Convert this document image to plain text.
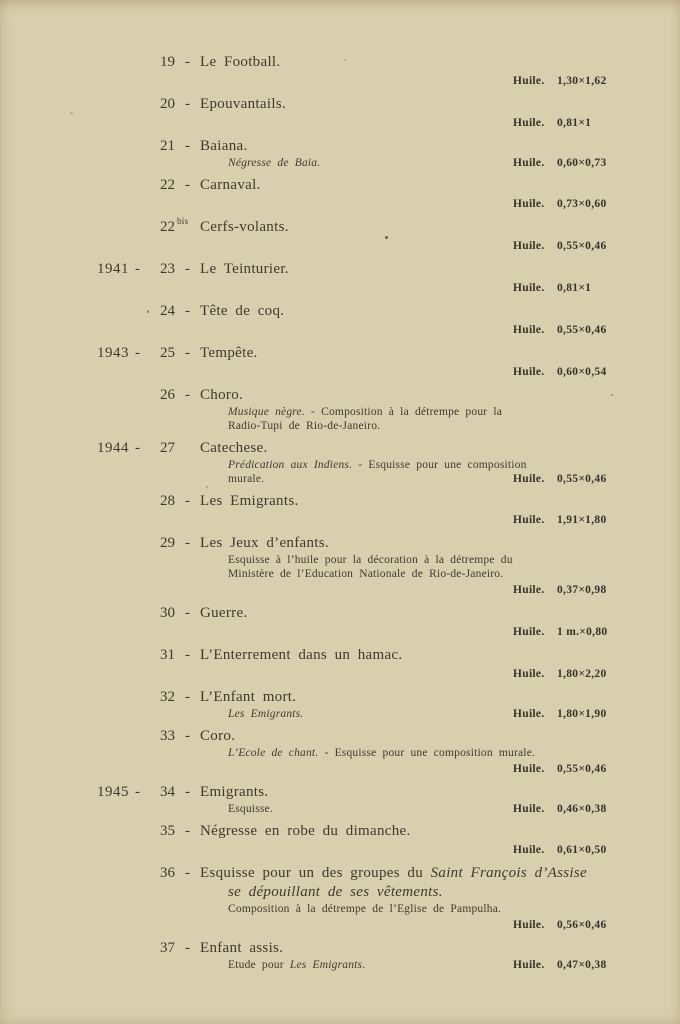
19 - Le Football.
Huile. 1,30×1,62
20 - Epouvantails.
Huile. 0,81×1
21 - Baiana.
Négresse de Baia.	Huile. 0,60×0,73
22 - Carnaval.
Huile. 0,73×0,60
22 bis Cerfs-volants.
Huile. 0,55×0,46
1941 -	23 - Le Teinturier.
Huile. 0,81×1
24 - Tête de coq.
Huile. 0,55×0,46
1943 -	25 - Tempête.
Huile. 0,60×0,54
26 - Choro.
Musique nègre. - Composition à la détrempe pour la
Radio-Tupi de Rio-de-Janeiro.
1944 -	27 Catechese.
Prédication aux Indiens. - Esquisse pour une composition
murale.	Huile. 0,55×0,46
28 - Les Emigrants.
Huile. 1,91×1,80
29 - Les Jeux d’enfants.
Esquisse à l’huile pour la décoration à la détrempe du
Ministère de l’Education Nationale de Rio-de-Janeiro.
Huile. 0,37×0,98
30 - Guerre.
Huile. 1 m.×0,80
31 - L’Enterrement dans un hamac.
Huile. 1,80×2,20
32 - L’Enfant mort.
Les Emigrants.	Huile. 1,80×1,90
33 - Coro.
L’Ecole de chant. - Esquisse pour une composition murale.
Huile. 0,55×0,46
1945 -	34 - Emigrants.
Esquisse.	Huile. 0,46×0,38
35 - Négresse en robe du dimanche.
Huile. 0,61×0,50
36 - Esquisse pour un des groupes du Saint François d’Assise
se dépouillant de ses vêtements.
Composition à la détrempe de l’Eglise de Pampulha.
Huile. 0,56×0,46
37 - Enfant assis.
Etude pour Les Emigrants.	Huile. 0,47×0,38
